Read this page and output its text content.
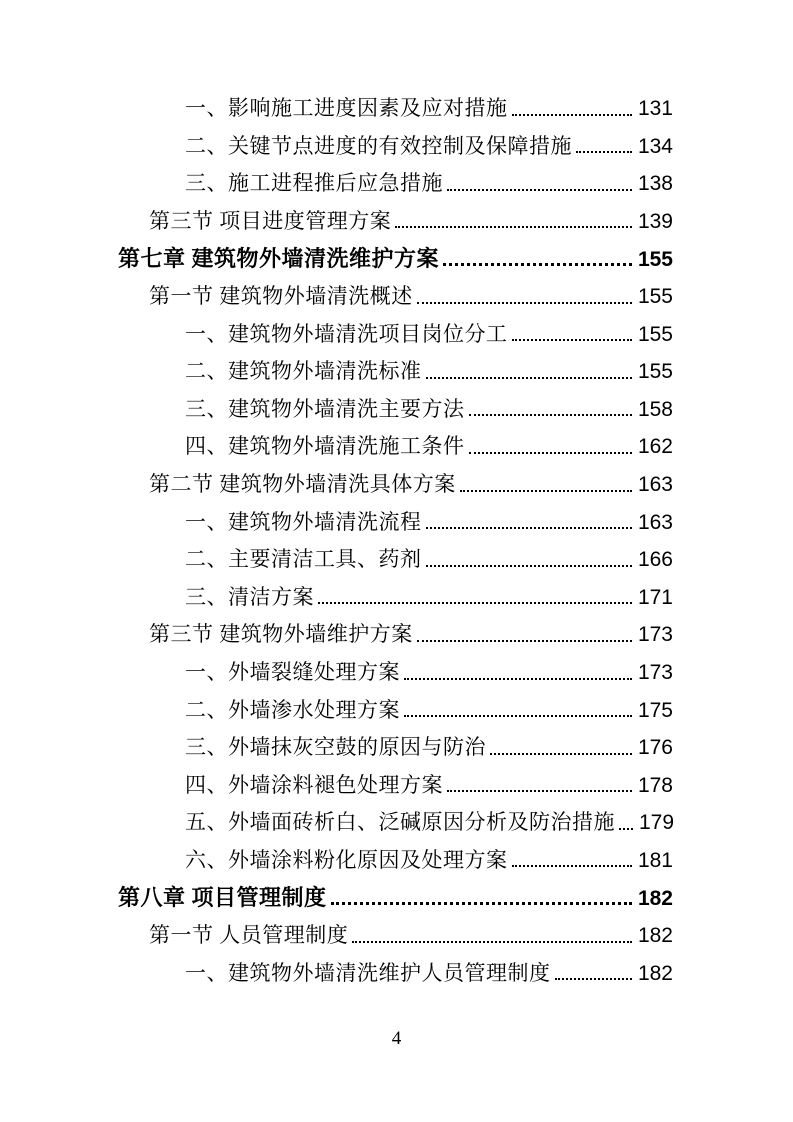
一、影响施工进度因素及应对措施	131
二、关键节点进度的有效控制及保障措施	134
三、施工进程推后应急措施	138
第三节 项目进度管理方案	139
第七章 建筑物外墙清洗维护方案	155
第一节 建筑物外墙清洗概述	155
一、建筑物外墙清洗项目岗位分工	155
二、建筑物外墙清洗标准	155
三、建筑物外墙清洗主要方法	158
四、建筑物外墙清洗施工条件	162
第二节 建筑物外墙清洗具体方案	163
一、建筑物外墙清洗流程	163
二、主要清洁工具、药剂	166
三、清洁方案	171
第三节 建筑物外墙维护方案	173
一、外墙裂缝处理方案	173
二、外墙渗水处理方案	175
三、外墙抹灰空鼓的原因与防治	176
四、外墙涂料褪色处理方案	178
五、外墙面砖析白、泛碱原因分析及防治措施 179
六、外墙涂料粉化原因及处理方案	181
第八章 项目管理制度	182
第一节 人员管理制度	182
一、建筑物外墙清洗维护人员管理制度	182
4
